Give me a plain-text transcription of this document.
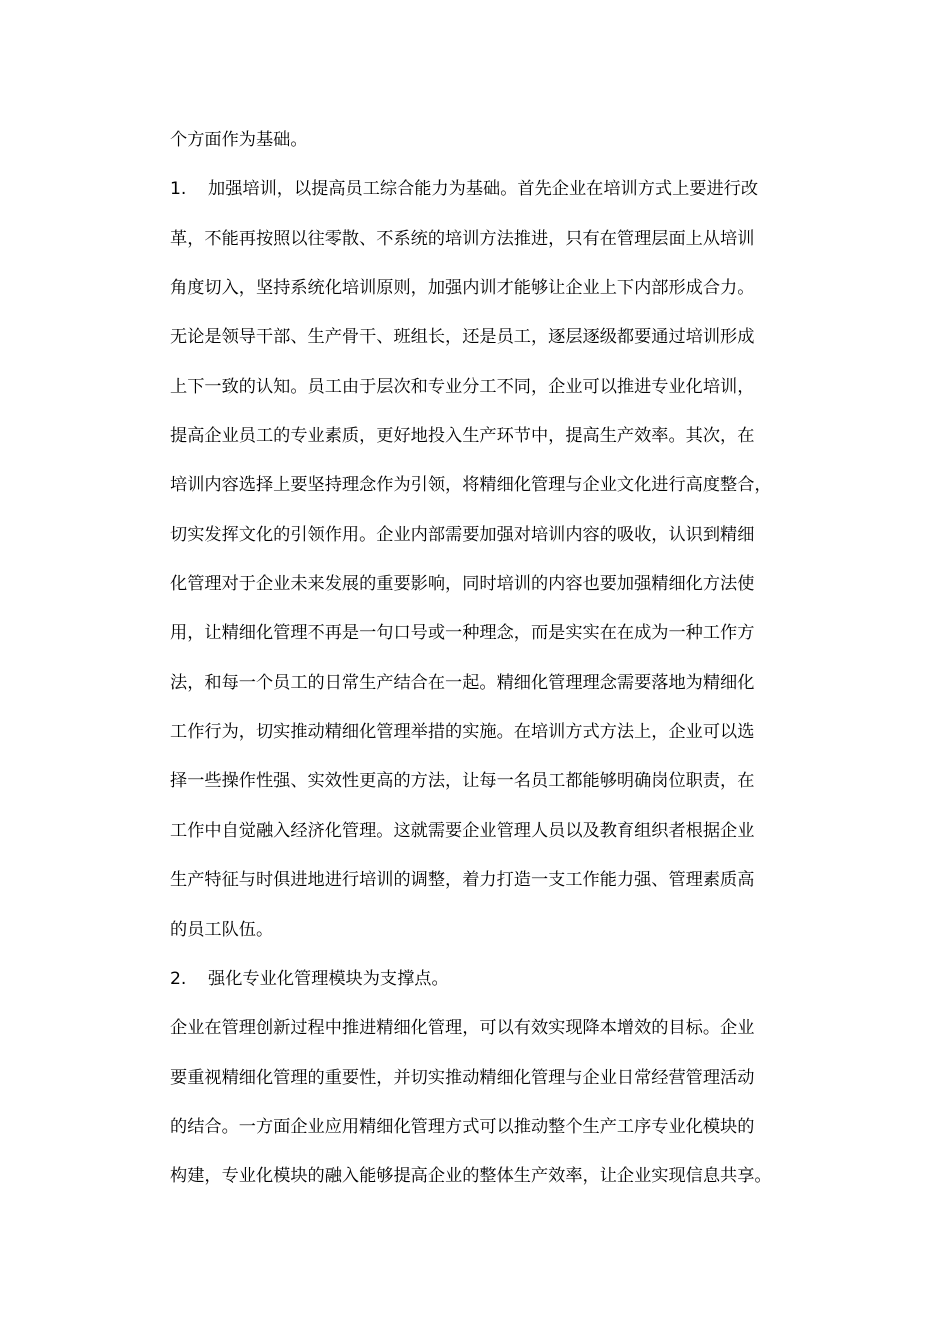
个方面作为基础。
1. 加强培训，以提高员工综合能力为基础。首先企业在培训方式上要进行改
革，不能再按照以往零散、不系统的培训方法推进，只有在管理层面上从培训
角度切入，坚持系统化培训原则，加强内训才能够让企业上下内部形成合力。
无论是领导干部、生产骨干、班组长，还是员工，逐层逐级都要通过培训形成
上下一致的认知。员工由于层次和专业分工不同，企业可以推进专业化培训，
提高企业员工的专业素质，更好地投入生产环节中，提高生产效率。其次，在
培训内容选择上要坚持理念作为引领，将精细化管理与企业文化进行高度整合，
切实发挥文化的引领作用。企业内部需要加强对培训内容的吸收，认识到精细
化管理对于企业未来发展的重要影响，同时培训的内容也要加强精细化方法使
用，让精细化管理不再是一句口号或一种理念，而是实实在在成为一种工作方
法，和每一个员工的日常生产结合在一起。精细化管理理念需要落地为精细化
工作行为，切实推动精细化管理举措的实施。在培训方式方法上，企业可以选
择一些操作性强、实效性更高的方法，让每一名员工都能够明确岗位职责，在
工作中自觉融入经济化管理。这就需要企业管理人员以及教育组织者根据企业
生产特征与时俱进地进行培训的调整，着力打造一支工作能力强、管理素质高
的员工队伍。
2. 强化专业化管理模块为支撑点。
企业在管理创新过程中推进精细化管理，可以有效实现降本增效的目标。企业
要重视精细化管理的重要性，并切实推动精细化管理与企业日常经营管理活动
的结合。一方面企业应用精细化管理方式可以推动整个生产工序专业化模块的
构建，专业化模块的融入能够提高企业的整体生产效率，让企业实现信息共享。
